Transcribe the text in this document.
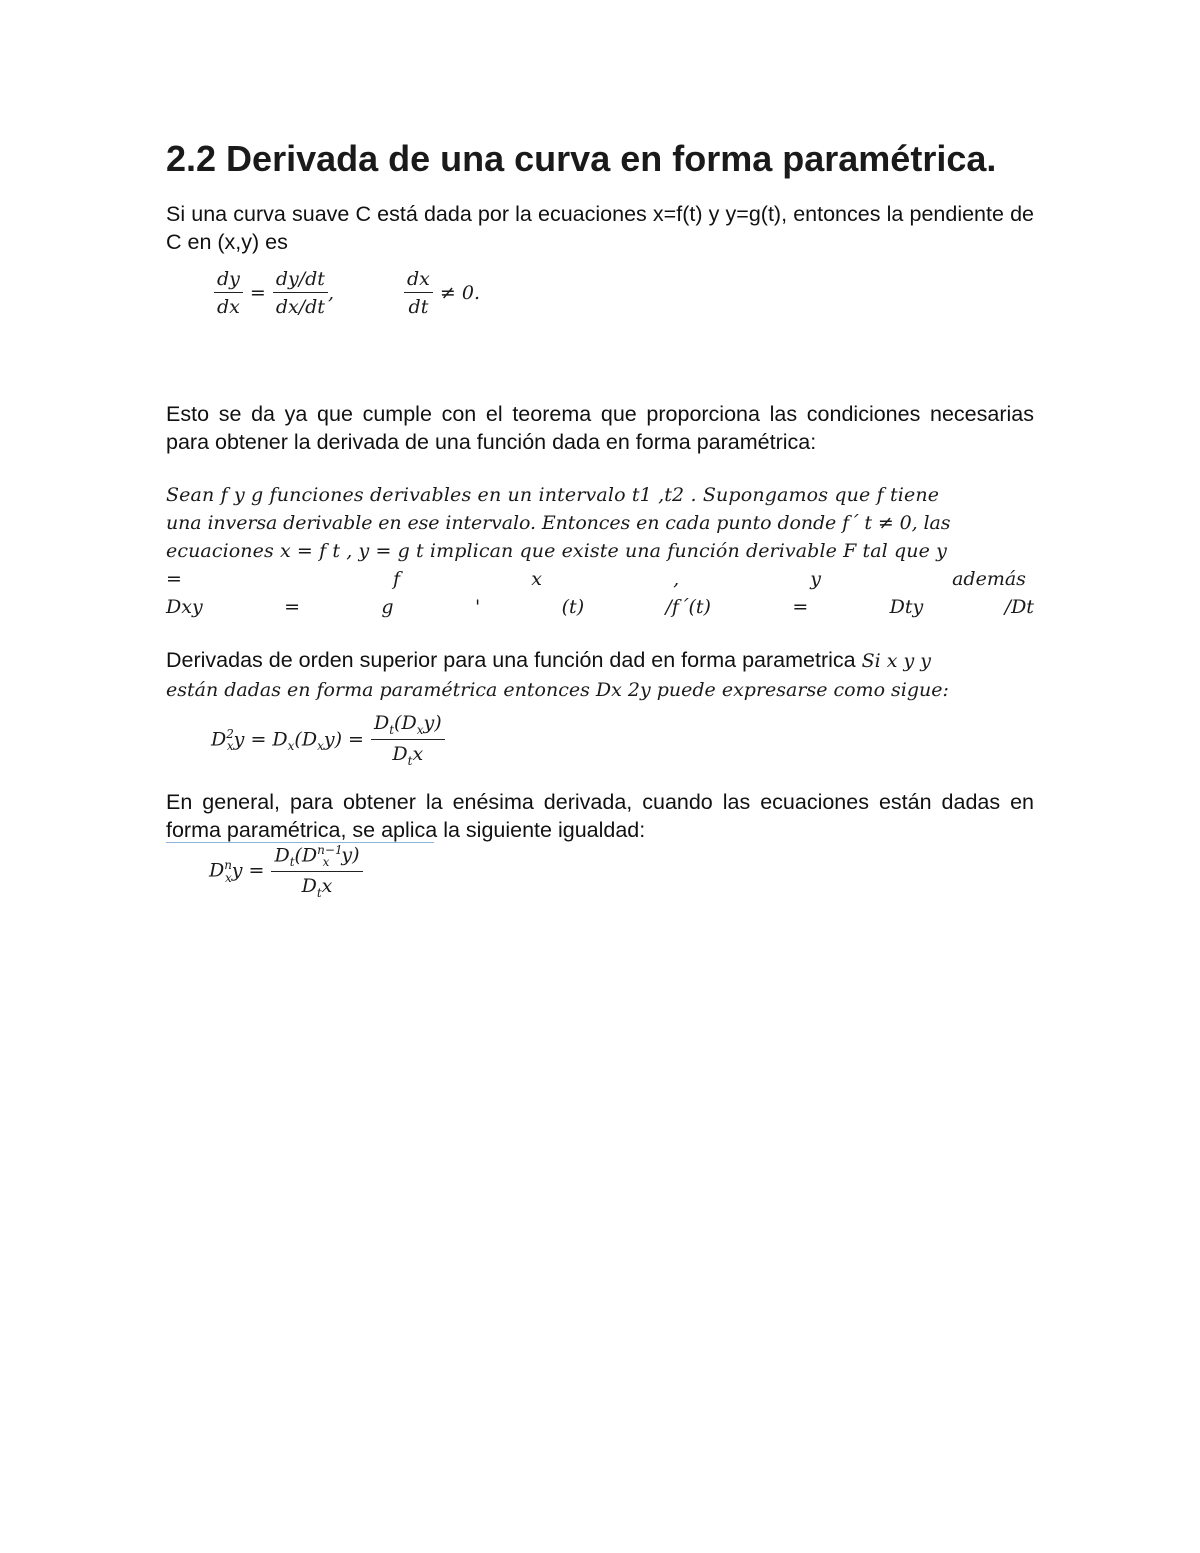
2.2 Derivada de una curva en forma paramétrica.

Si una curva suave C está dada por la ecuaciones x=f(t) y y=g(t), entonces la pendiente de C en (x,y) es

$\frac{dy}{dx} = \frac{dy/dt}{dx/dt}$ ,	$\frac{dx}{dt} \ne 0$.

Esto se da ya que cumple con el teorema que proporciona las condiciones necesarias para obtener la derivada de una función dada en forma paramétrica:

Sean f y g funciones derivables en un intervalo t1 ,t2 . Supongamos que f tiene
una inversa derivable en ese intervalo. Entonces en cada punto donde f´ t ≠ 0, las
ecuaciones x = f t , y = g t implican que existe una función derivable F tal que y
=	f	x	,	y	además
Dxy	=	g	'	(t)	/f´(t)	=	Dty	/Dt

Derivadas de orden superior para una función dad en forma parametrica Si x y y
están dadas en forma paramétrica entonces Dx 2y puede expresarse como sigue:

$D^2_xy = D_x(D_xy) = \frac{D_t(D_xy)}{D_tx}$

En general, para obtener la enésima derivada, cuando las ecuaciones están dadas en forma paramétrica, se aplica la siguiente igualdad:

$D^n_xy = \frac{D_t(D^{n-1}_x y)}{D_tx}$
